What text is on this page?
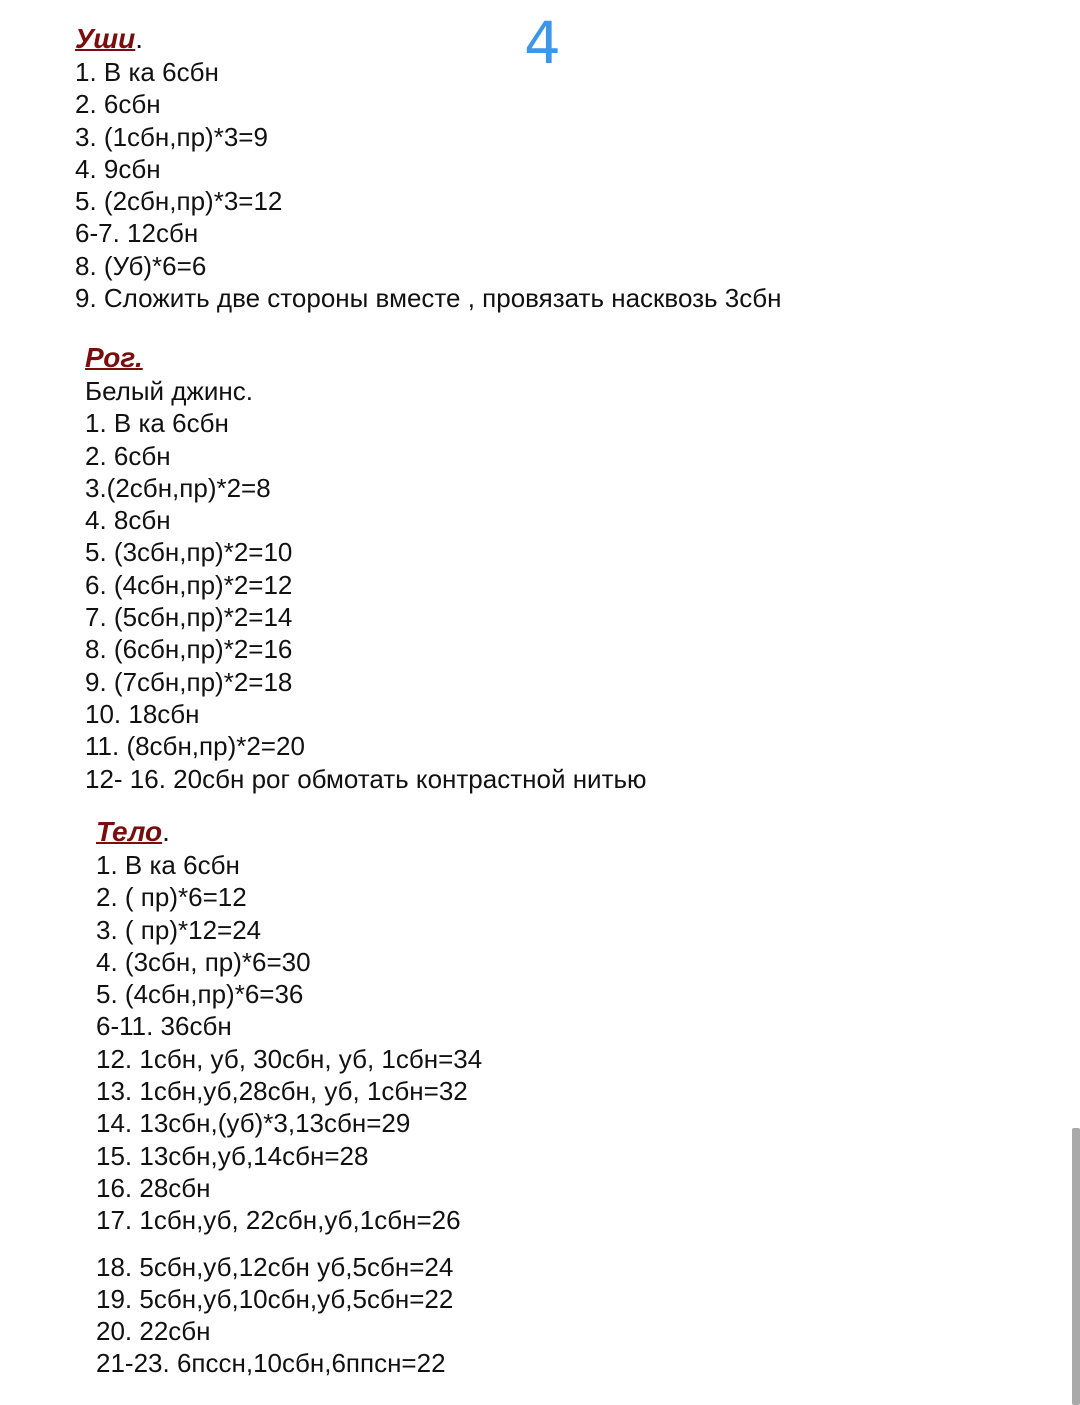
4
Уши.
1. В ка 6сбн
2. 6сбн
3. (1сбн,пр)*3=9
4. 9сбн
5. (2сбн,пр)*3=12
6-7. 12сбн
8. (Уб)*6=6
9. Сложить две стороны вместе , провязать насквозь 3сбн
Рог.
Белый джинс.
1. В ка 6сбн
2. 6сбн
3.(2сбн,пр)*2=8
4. 8сбн
5. (3сбн,пр)*2=10
6. (4сбн,пр)*2=12
7. (5сбн,пр)*2=14
8. (6сбн,пр)*2=16
9. (7сбн,пр)*2=18
10. 18сбн
11. (8сбн,пр)*2=20
12- 16. 20сбн рог обмотать контрастной нитью
Тело.
1. В ка 6сбн
2. ( пр)*6=12
3. ( пр)*12=24
4. (3сбн, пр)*6=30
5. (4сбн,пр)*6=36
6-11. 36сбн
12. 1сбн, уб, 30сбн, уб, 1сбн=34
13. 1сбн,уб,28сбн, уб, 1сбн=32
14. 13сбн,(уб)*3,13сбн=29
15. 13сбн,уб,14сбн=28
16. 28сбн
17. 1сбн,уб, 22сбн,уб,1сбн=26
18. 5сбн,уб,12сбн уб,5сбн=24
19. 5сбн,уб,10сбн,уб,5сбн=22
20. 22сбн
21-23. 6пссн,10сбн,6ппсн=22
